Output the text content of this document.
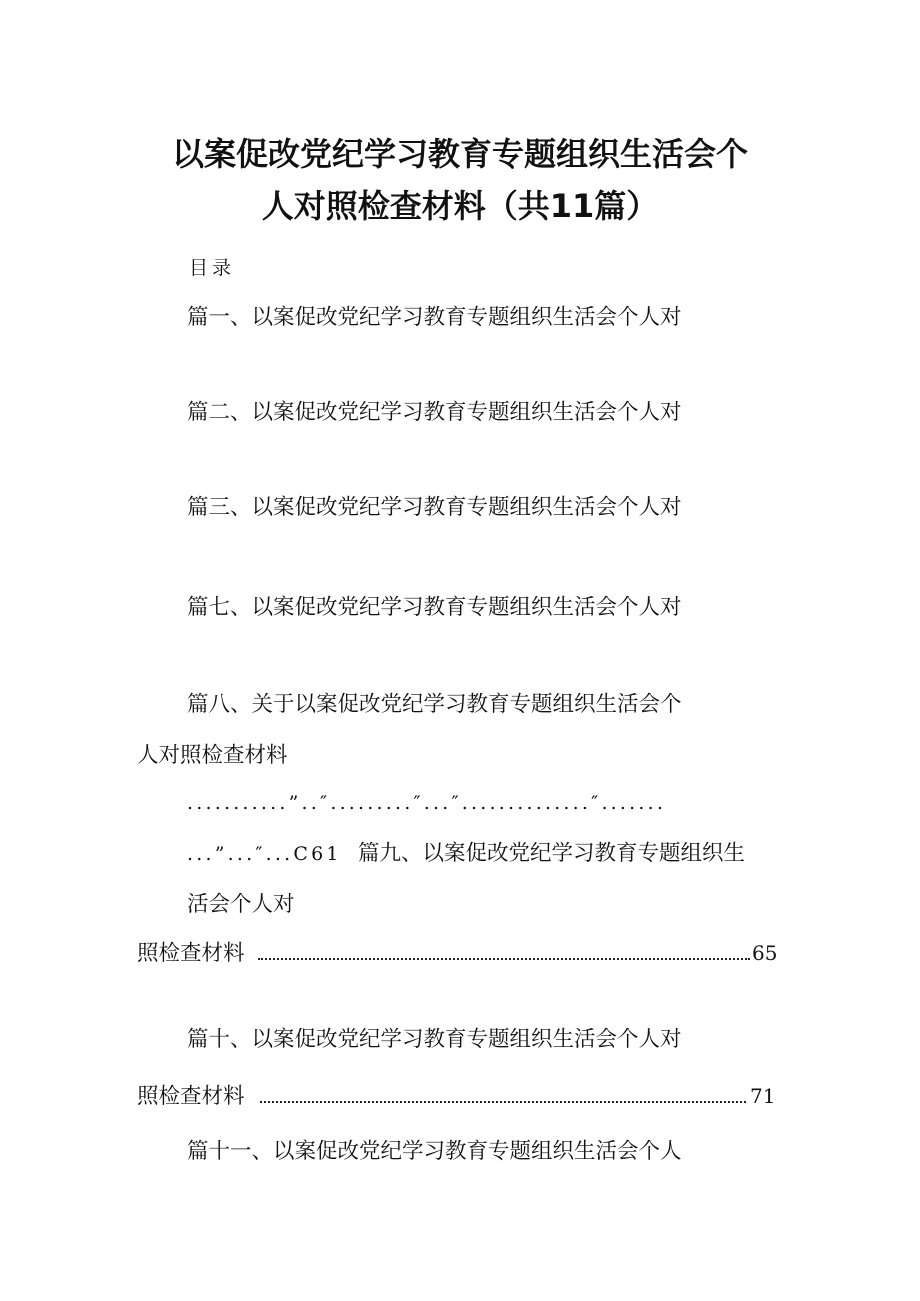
以案促改党纪学习教育专题组织生活会个
人对照检查材料（共11篇）
目录
篇一、以案促改党纪学习教育专题组织生活会个人对
篇二、以案促改党纪学习教育专题组织生活会个人对
篇三、以案促改党纪学习教育专题组织生活会个人对
篇七、以案促改党纪学习教育专题组织生活会个人对
篇八、关于以案促改党纪学习教育专题组织生活会个
人对照检查材料
...........”..″.........″...″..............″.......
...”...″...C61 篇九、以案促改党纪学习教育专题组织生
活会个人对
照检查材料	65
篇十、以案促改党纪学习教育专题组织生活会个人对
照检查材料	71
篇十一、以案促改党纪学习教育专题组织生活会个人
